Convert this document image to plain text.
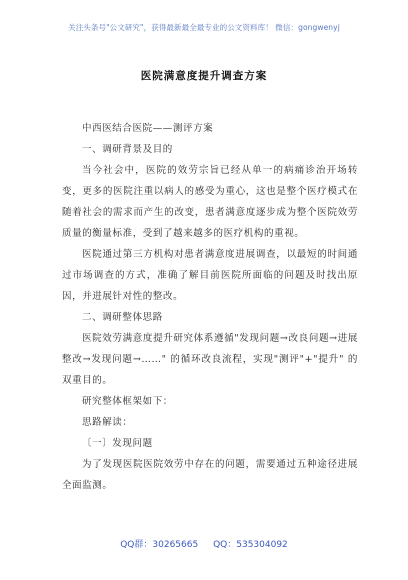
关注头条号"公文研究"，获得最新最全最专业的公文资料库！ 微信：gongwenyj
医院满意度提升调查方案

中西医结合医院——测评方案

一、调研背景及目的

当今社会中，医院的效劳宗旨已经从单一的病痛诊治开场转变，更多的医院注重以病人的感受为重心，这也是整个医疗模式在随着社会的需求而产生的改变，患者满意度逐步成为整个医院效劳质量的衡量标准，受到了越来越多的医疗机构的重视。

医院通过第三方机构对患者满意度进展调查，以最短的时间通过市场调查的方式，准确了解目前医院所面临的问题及时找出原因，并进展针对性的整改。

二、调研整体思路

医院效劳满意度提升研究体系遵循"发现问题→改良问题→进展整改→发现问题→……" 的循环改良流程，实现"测评"+"提升" 的双重目的。

研究整体框架如下：

思路解读：

〔一〕发现问题

为了发现医院医院效劳中存在的问题，需要通过五种途径进展全面监测。

QQ群：30265665 QQ：535304092
